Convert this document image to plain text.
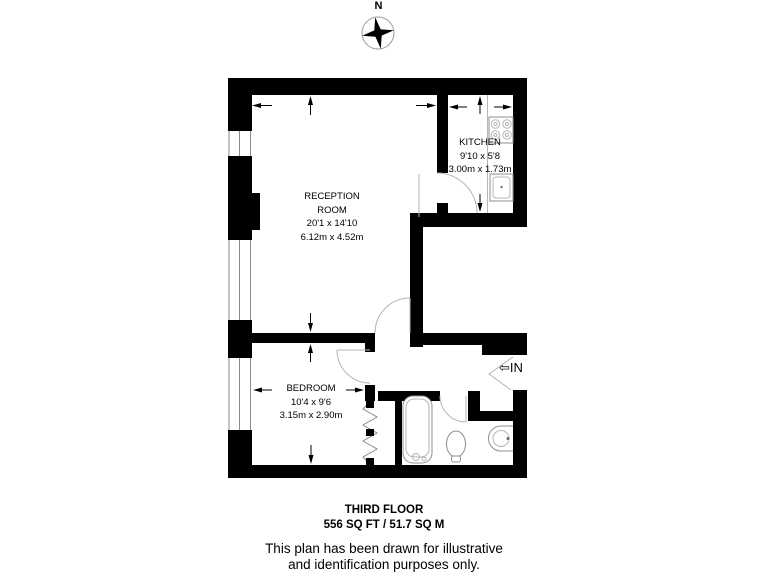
N
KITCHEN
9'10 x 5'8
3.00m x 1.73m
RECEPTION
ROOM
20'1 x 14'10
6.12m x 4.52m
BEDROOM
10'4 x 9'6
3.15m x 2.90m
⇦IN
THIRD FLOOR
556 SQ FT / 51.7 SQ M
This plan has been drawn for illustrative
and identification purposes only.
